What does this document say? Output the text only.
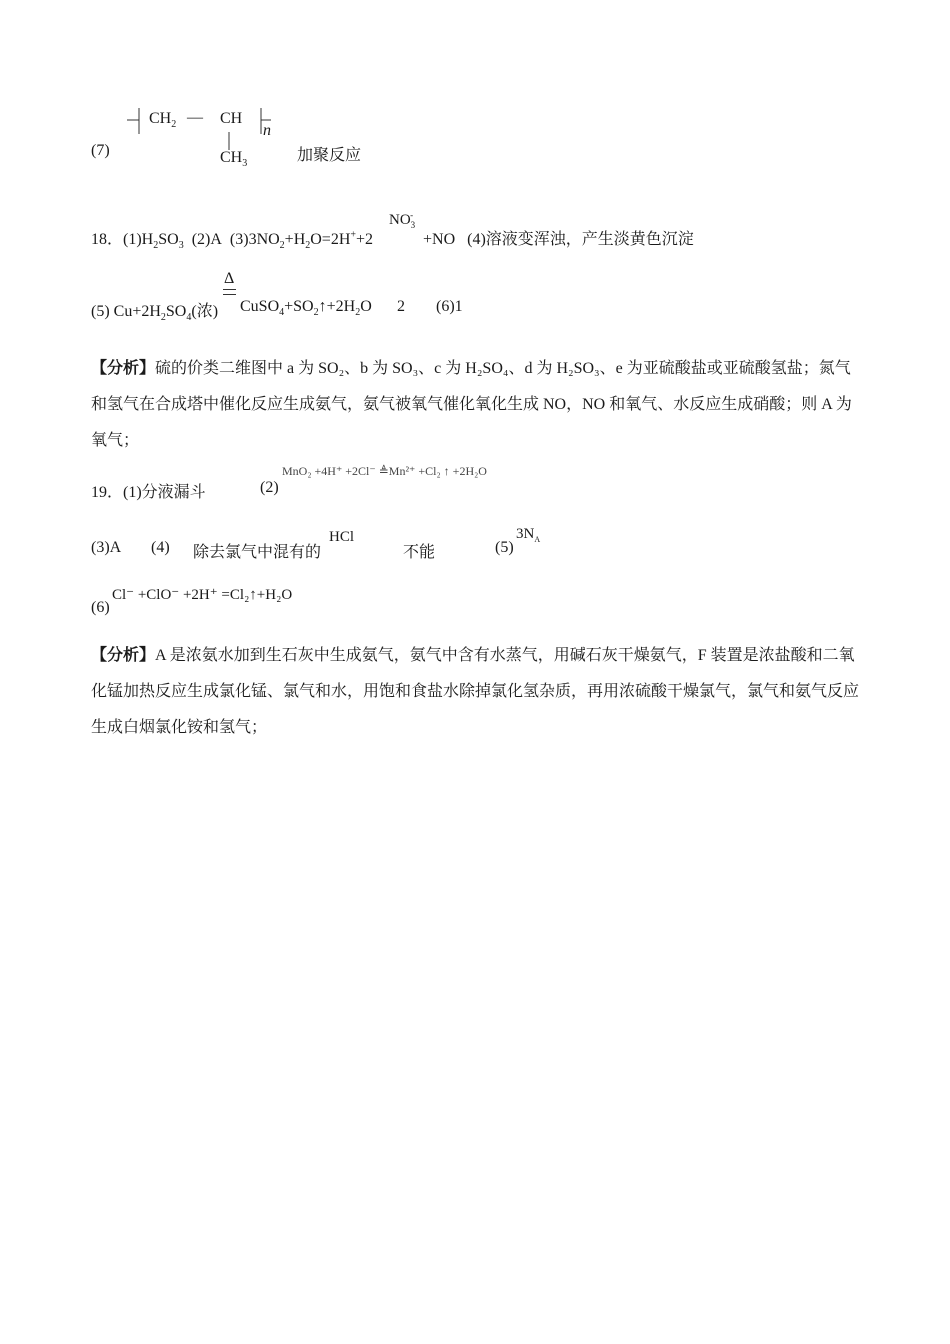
(7)
$CH_2$ — CH
n
$CH_3$	加聚反应
18．$(1)H_2SO_3$ (2)A $(3)3NO_2+H_2O=2H^++2$
$NO_3^-$
+NO (4)溶液变浑浊，产生淡黄色沉淀
Δ
(5) $Cu+2H_2SO_4$(浓) $CuSO_4+SO_2↑+2H_2O$ 2 (6)1
【分析】硫的价类二维图中 a 为 SO₂、b 为 SO₃、c 为 H₂SO₄、d 为 H₂SO₃、e 为亚硫酸盐或亚硫酸氢盐；氮气和氢气在合成塔中催化反应生成氨气，氨气被氧气催化氧化生成 NO，NO 和氧气、水反应生成硝酸；则 A 为氧气；
19．(1)分液漏斗	(2)
MnO₂ +4H⁺ +2Cl⁻ ≜Mn²⁺ +Cl₂ ↑ +2H₂O
(3)A (4) 除去氯气中混有的
HCl
不能	(5)
$3N_A$
(6)
Cl⁻ +ClO⁻ +2H⁺ =Cl₂↑+H₂O
【分析】A 是浓氨水加到生石灰中生成氨气，氨气中含有水蒸气，用碱石灰干燥氨气，F 装置是浓盐酸和二氧化锰加热反应生成氯化锰、氯气和水，用饱和食盐水除掉氯化氢杂质，再用浓硫酸干燥氯气，氯气和氨气反应生成白烟氯化铵和氢气；
